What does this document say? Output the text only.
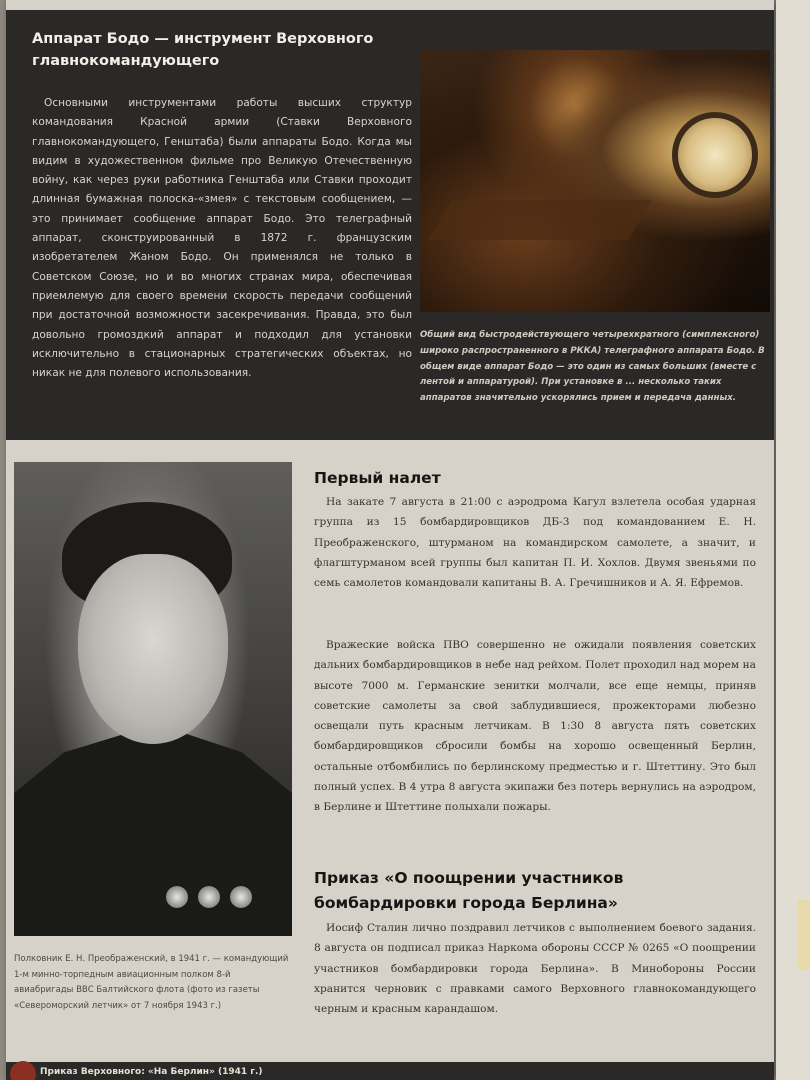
Аппарат Бодо — инструмент Верховного главнокомандующего

Основными инструментами работы высших структур командования Красной армии (Ставки Верховного главнокомандующего, Генштаба) были аппараты Бодо. Когда мы видим в художественном фильме про Великую Отечественную войну, как через руки работника Генштаба или Ставки проходит длинная бумажная полоска-«змея» с текстовым сообщением, — это принимает сообщение аппарат Бодо. Это телеграфный аппарат, сконструированный в 1872 г. французским изобретателем Жаном Бодо. Он применялся не только в Советском Союзе, но и во многих странах мира, обеспечивая приемлемую для своего времени скорость передачи сообщений при достаточной возможности засекречивания. Правда, это был довольно громоздкий аппарат и подходил для установки исключительно в стационарных стратегических объектах, но никак не для полевого использования.

Общий вид быстродействующего четырехкратного (симплексного) широко распространенного в РККА) телеграфного аппарата Бодо. В общем виде аппарат Бодо — это один из самых больших (вместе с лентой и аппаратурой). При установке в ... несколько таких аппаратов значительно ускорялись прием и передача данных.

Полковник Е. Н. Преображенский, в 1941 г. — командующий 1-м минно-торпедным авиационным полком 8-й авиабригады ВВС Балтийского флота (фото из газеты «Североморский летчик» от 7 ноября 1943 г.)

Первый налет

На закате 7 августа в 21:00 с аэродрома Кагул взлетела особая ударная группа из 15 бомбардировщиков ДБ-3 под командованием Е. Н. Преображенского, штурманом на командирском самолете, а значит, и флагштурманом всей группы был капитан П. И. Хохлов. Двумя звеньями по семь самолетов командовали капитаны В. А. Гречишников и А. Я. Ефремов.

Вражеские войска ПВО совершенно не ожидали появления советских дальних бомбардировщиков в небе над рейхом. Полет проходил над морем на высоте 7000 м. Германские зенитки молчали, все еще немцы, приняв советские самолеты за свой заблудившиеся, прожекторами любезно освещали путь красным летчикам. В 1:30 8 августа пять советских бомбардировщиков сбросили бомбы на хорошо освещенный Берлин, остальные отбомбились по берлинскому предместью и г. Штеттину. Это был полный успех. В 4 утра 8 августа экипажи без потерь вернулись на аэродром, в Берлине и Штеттине полыхали пожары.

Приказ «О поощрении участников бомбардировки города Берлина»

Иосиф Сталин лично поздравил летчиков с выполнением боевого задания. 8 августа он подписал приказ Наркома обороны СССР № 0265 «О поощрении участников бомбардировки города Берлина». В Минобороны России хранится черновик с правками самого Верховного главнокомандующего черным и красным карандашом.

Приказ Верховного: «На Берлин» (1941 г.)
